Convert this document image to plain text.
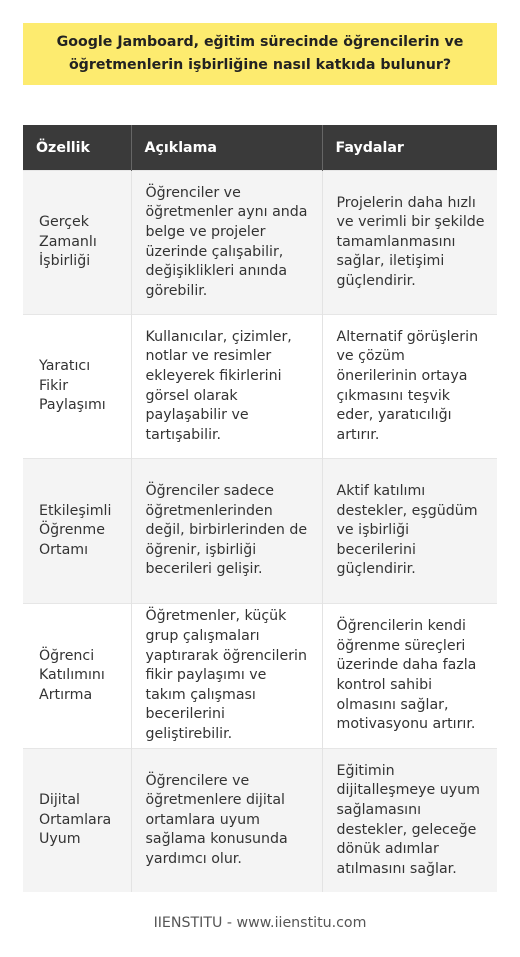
Google Jamboard, eğitim sürecinde öğrencilerin ve öğretmenlerin işbirliğine nasıl katkıda bulunur?
Özellik	Açıklama	Faydalar
Gerçek Zamanlı İşbirliği	Öğrenciler ve öğretmenler aynı anda belge ve projeler üzerinde çalışabilir, değişiklikleri anında görebilir.	Projelerin daha hızlı ve verimli bir şekilde tamamlanmasını sağlar, iletişimi güçlendirir.
Yaratıcı Fikir Paylaşımı	Kullanıcılar, çizimler, notlar ve resimler ekleyerek fikirlerini görsel olarak paylaşabilir ve tartışabilir.	Alternatif görüşlerin ve çözüm önerilerinin ortaya çıkmasını teşvik eder, yaratıcılığı artırır.
Etkileşimli Öğrenme Ortamı	Öğrenciler sadece öğretmenlerinden değil, birbirlerinden de öğrenir, işbirliği becerileri gelişir.	Aktif katılımı destekler, eşgüdüm ve işbirliği becerilerini güçlendirir.
Öğrenci Katılımını Artırma	Öğretmenler, küçük grup çalışmaları yaptırarak öğrencilerin fikir paylaşımı ve takım çalışması becerilerini geliştirebilir.	Öğrencilerin kendi öğrenme süreçleri üzerinde daha fazla kontrol sahibi olmasını sağlar, motivasyonu artırır.
Dijital Ortamlara Uyum	Öğrencilere ve öğretmenlere dijital ortamlara uyum sağlama konusunda yardımcı olur.	Eğitimin dijitalleşmeye uyum sağlamasını destekler, geleceğe dönük adımlar atılmasını sağlar.
IIENSTITU - www.iienstitu.com
